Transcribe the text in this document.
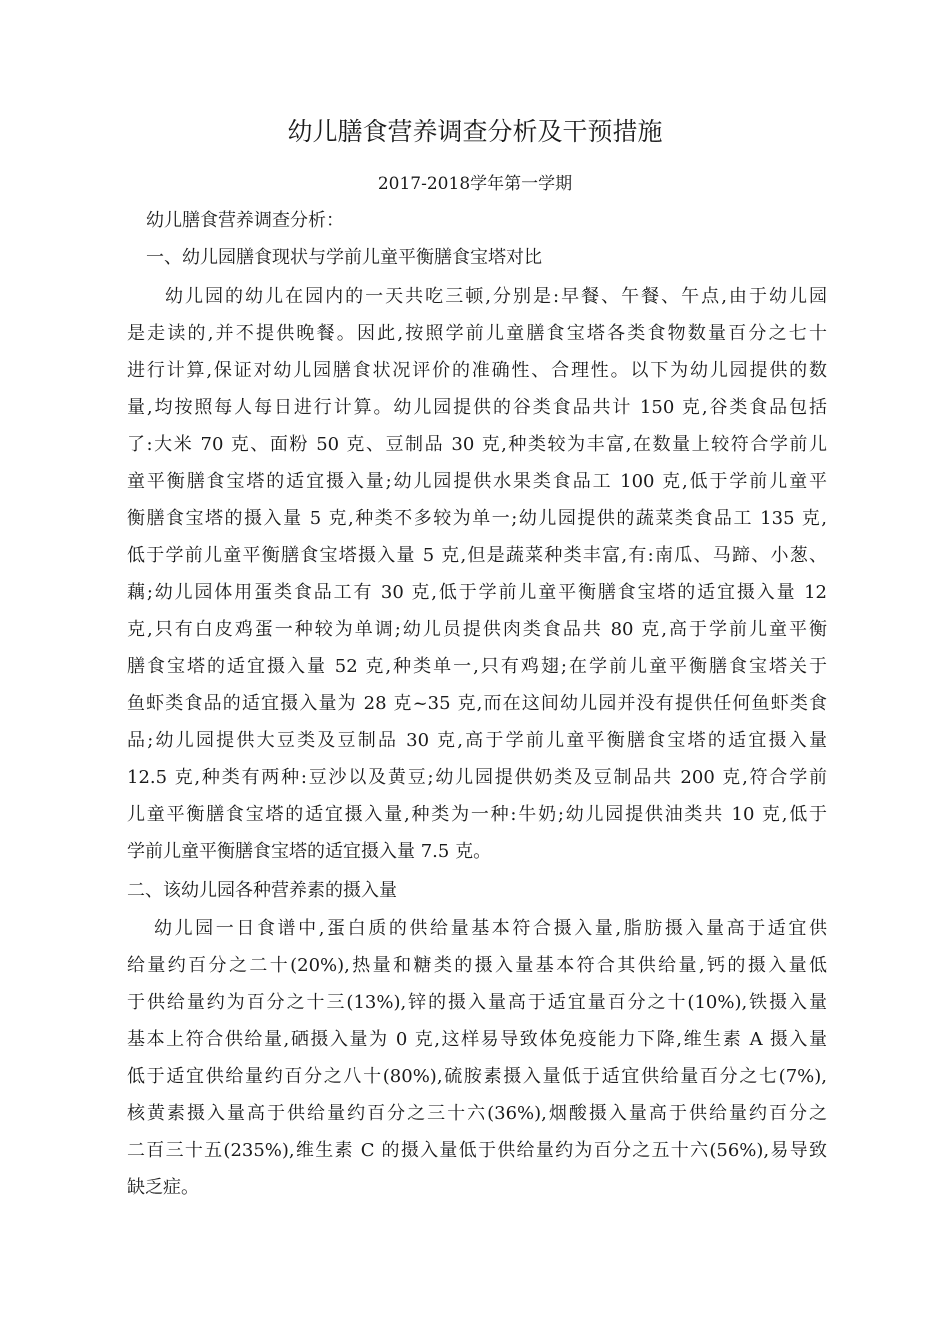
幼儿膳食营养调查分析及干预措施

2017-2018学年第一学期

幼儿膳食营养调查分析：

一、幼儿园膳食现状与学前儿童平衡膳食宝塔对比

幼儿园的幼儿在园内的一天共吃三顿,分别是:早餐、午餐、午点,由于幼儿园
是走读的,并不提供晚餐。因此,按照学前儿童膳食宝塔各类食物数量百分之七十
进行计算,保证对幼儿园膳食状况评价的准确性、合理性。以下为幼儿园提供的数
量,均按照每人每日进行计算。幼儿园提供的谷类食品共计 150 克,谷类食品包括
了:大米 70 克、面粉 50 克、豆制品 30 克,种类较为丰富,在数量上较符合学前儿
童平衡膳食宝塔的适宜摄入量;幼儿园提供水果类食品工 100 克,低于学前儿童平
衡膳食宝塔的摄入量 5 克,种类不多较为单一;幼儿园提供的蔬菜类食品工 135 克,
低于学前儿童平衡膳食宝塔摄入量 5 克,但是蔬菜种类丰富,有:南瓜、马蹄、小葱、
藕;幼儿园体用蛋类食品工有 30 克,低于学前儿童平衡膳食宝塔的适宜摄入量 12
克,只有白皮鸡蛋一种较为单调;幼儿员提供肉类食品共 80 克,高于学前儿童平衡
膳食宝塔的适宜摄入量 52 克,种类单一,只有鸡翅;在学前儿童平衡膳食宝塔关于
鱼虾类食品的适宜摄入量为 28 克~35 克,而在这间幼儿园并没有提供任何鱼虾类食
品;幼儿园提供大豆类及豆制品 30 克,高于学前儿童平衡膳食宝塔的适宜摄入量
12.5 克,种类有两种:豆沙以及黄豆;幼儿园提供奶类及豆制品共 200 克,符合学前
儿童平衡膳食宝塔的适宜摄入量,种类为一种:牛奶;幼儿园提供油类共 10 克,低于
学前儿童平衡膳食宝塔的适宜摄入量 7.5 克。

二、该幼儿园各种营养素的摄入量

幼儿园一日食谱中,蛋白质的供给量基本符合摄入量,脂肪摄入量高于适宜供
给量约百分之二十(20%),热量和糖类的摄入量基本符合其供给量,钙的摄入量低
于供给量约为百分之十三(13%),锌的摄入量高于适宜量百分之十(10%),铁摄入量
基本上符合供给量,硒摄入量为 0 克,这样易导致体免疫能力下降,维生素 A 摄入量
低于适宜供给量约百分之八十(80%),硫胺素摄入量低于适宜供给量百分之七(7%),
核黄素摄入量高于供给量约百分之三十六(36%),烟酸摄入量高于供给量约百分之
二百三十五(235%),维生素 C 的摄入量低于供给量约为百分之五十六(56%),易导致
缺乏症。
